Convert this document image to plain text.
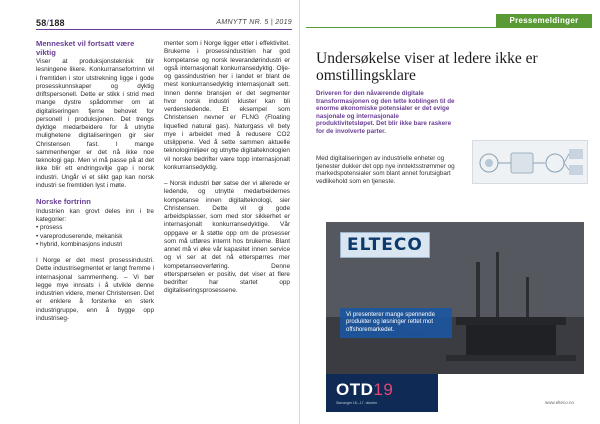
58/188	AMNYTT NR. 5 | 2019
Mennesket vil fortsatt være viktig

Viser at produksjonsteknisk blir lesningene likere. Konkurransefortrinn vil i fremtiden i stor utstrekning ligge i gode prosesskunnskaper og dyktig driftspersonell. Dette er stikk i strid med mange dystre spådommer om at digitaliseringen fjerne behovet for personell i produksjonen. Det trengs dyktige medarbeidere for å utnytte mulighetene digitaliseringen gir sier Christensen fast. I mange sammenhenger er det nå ikke noe teknologi gap. Men vi må passe på at det ikke blir ett endringsvilje gap i norsk industri. Ungår vi et slikt gap kan norsk industri se fremtiden lyst i møte.

Norske fortrinn

Industrien kan grovt deles inn i tre kategorier:

• prosess
• vareproduserende, mekanisk
• hybrid, kombinasjons industri

I Norge er det mest prosessindustri. Dette industrisegmentet er langt fremme i internasjonal sammenheng. – Vi bør legge mye innsats i å utvikle denne industrien videre, mener Christensen. Det er enklere å forsterke en sterk industrigruppe, enn å bygge opp industriseg-

menter som i Norge ligger etter i effektivitet. Brukerne i prosessindustrien har god kompetanse og norsk leverandørindustri er også internasjonalt konkurransedyktig. Olje- og gassindustrien her i landet er blant de mest konkurransedyktig internasjonalt sett. Innen denne bransjen er det segmenter hvor norsk industri kluster kan bli verdensledende. Et eksempel som Christensen nevner er FLNG (Floating liquefied natural gas). Naturgass vil bety mye i arbeidet med å redusere CO2 utslippene. Ved å sette sammen aktuelle teknologimiljøer og utnytte digitalteknologien vil norske bedrifter være topp internasjonalt konkurransedyktig.

– Norsk industri bør satse der vi allerede er ledende, og utnytte medarbeidernes kompetanse innen digitalteknologi, sier Christensen. Dette vil gi gode arbeidsplasser, som med stor sikkerhet er internasjonalt konkurransedyktige. Vår oppgave er å støtte opp om de prosesser som må utføres internt hos brukerne. Blant annet må vi øke vår kapasitet innen service og vi ser at det nå etterspørres mer kompetanseoverføring. Denne etterspørselen er positiv, det viser at flere bedrifter har startet opp digitaliseringsprosessene.

Pressemeldinger
Undersøkelse viser at ledere ikke er omstillingsklare
Driveren for den nåværende digitale transformasjonen og den tette koblingen til de enorme økonomiske potensialer er det evige nasjonale og internasjonale produktivitetsløpet. Det blir ikke bare raskere for de involverte parter.
Med digitaliseringen av industrielle enheter og tjenester dukker det opp nye inntektsstrømmer og markedspotensialer som blant annet forutsigbart vedlikehold som en tjeneste.
ELTECO
Vi presenterer mange spennende produkter og løsninger rettet mot offshoremarkedet.
OTD19
Stavanger 16.–17. oktober	www.elteco.no
